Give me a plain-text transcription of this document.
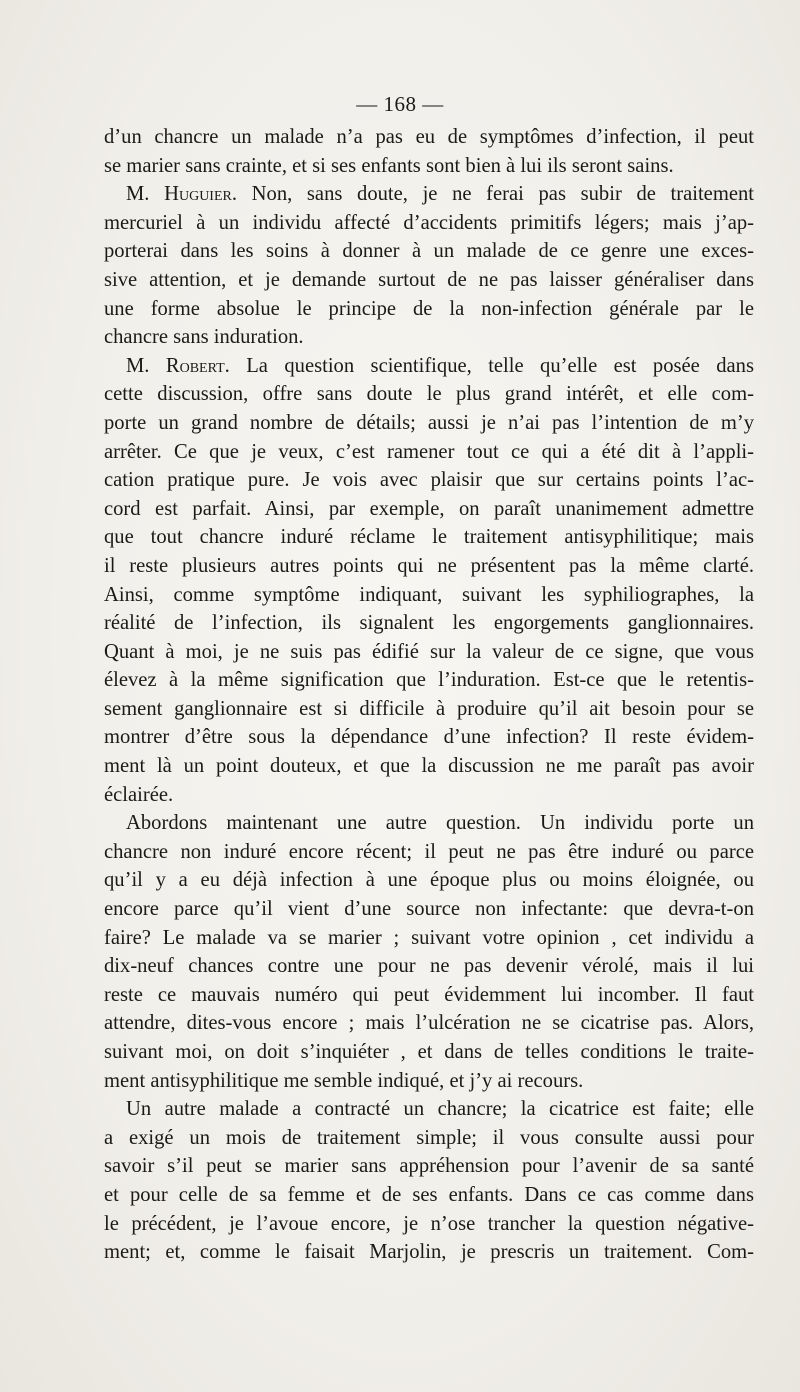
— 168 —
d’un chancre un malade n’a pas eu de symptômes d’infection, il peut
se marier sans crainte, et si ses enfants sont bien à lui ils seront sains.
M. Huguier. Non, sans doute, je ne ferai pas subir de traitement
mercuriel à un individu affecté d’accidents primitifs légers; mais j’ap-
porterai dans les soins à donner à un malade de ce genre une exces-
sive attention, et je demande surtout de ne pas laisser généraliser dans
une forme absolue le principe de la non-infection générale par le
chancre sans induration.
M. Robert. La question scientifique, telle qu’elle est posée dans
cette discussion, offre sans doute le plus grand intérêt, et elle com-
porte un grand nombre de détails; aussi je n’ai pas l’intention de m’y
arrêter. Ce que je veux, c’est ramener tout ce qui a été dit à l’appli-
cation pratique pure. Je vois avec plaisir que sur certains points l’ac-
cord est parfait. Ainsi, par exemple, on paraît unanimement admettre
que tout chancre induré réclame le traitement antisyphilitique; mais
il reste plusieurs autres points qui ne présentent pas la même clarté.
Ainsi, comme symptôme indiquant, suivant les syphiliographes, la
réalité de l’infection, ils signalent les engorgements ganglionnaires.
Quant à moi, je ne suis pas édifié sur la valeur de ce signe, que vous
élevez à la même signification que l’induration. Est-ce que le retentis-
sement ganglionnaire est si difficile à produire qu’il ait besoin pour se
montrer d’être sous la dépendance d’une infection? Il reste évidem-
ment là un point douteux, et que la discussion ne me paraît pas avoir
éclairée.
Abordons maintenant une autre question. Un individu porte un
chancre non induré encore récent; il peut ne pas être induré ou parce
qu’il y a eu déjà infection à une époque plus ou moins éloignée, ou
encore parce qu’il vient d’une source non infectante: que devra-t-on
faire? Le malade va se marier ; suivant votre opinion , cet individu a
dix-neuf chances contre une pour ne pas devenir vérolé, mais il lui
reste ce mauvais numéro qui peut évidemment lui incomber. Il faut
attendre, dites-vous encore ; mais l’ulcération ne se cicatrise pas. Alors,
suivant moi, on doit s’inquiéter , et dans de telles conditions le traite-
ment antisyphilitique me semble indiqué, et j’y ai recours.
Un autre malade a contracté un chancre; la cicatrice est faite; elle
a exigé un mois de traitement simple; il vous consulte aussi pour
savoir s’il peut se marier sans appréhension pour l’avenir de sa santé
et pour celle de sa femme et de ses enfants. Dans ce cas comme dans
le précédent, je l’avoue encore, je n’ose trancher la question négative-
ment; et, comme le faisait Marjolin, je prescris un traitement. Com-
